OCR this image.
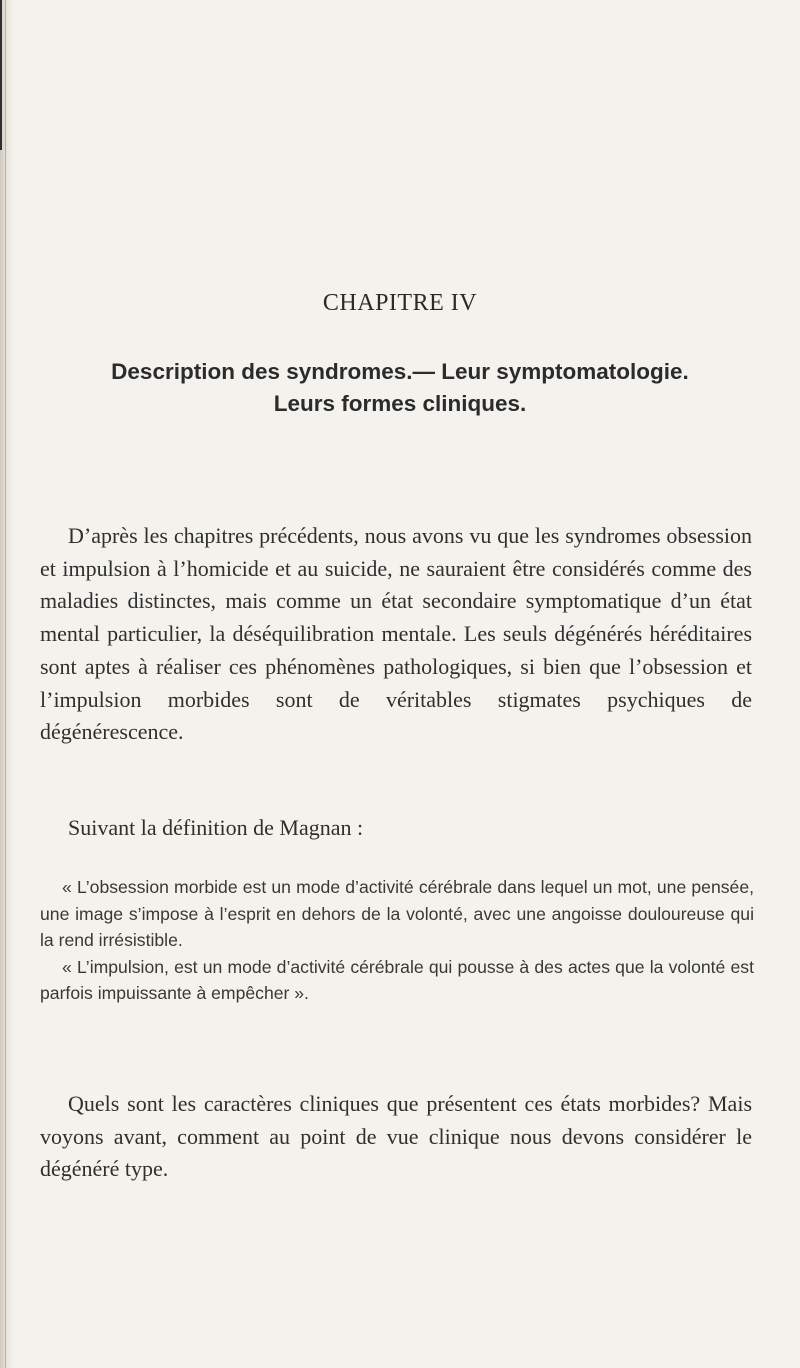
CHAPITRE IV
Description des syndromes.— Leur symptomatologie.
Leurs formes cliniques.

D’après les chapitres précédents, nous avons vu que les syndromes obsession et impulsion à l’homicide et au suicide, ne sauraient être considérés comme des maladies distinctes, mais comme un état secondaire symptomatique d’un état mental particulier, la déséquilibration mentale. Les seuls dégénérés héréditaires sont aptes à réaliser ces phénomènes pathologiques, si bien que l’obsession et l’impulsion morbides sont de véritables stigmates psychiques de dégénérescence.

Suivant la définition de Magnan :

« L’obsession morbide est un mode d’activité cérébrale dans lequel un mot, une pensée, une image s’impose à l’esprit en dehors de la volonté, avec une angoisse douloureuse qui la rend irrésistible.

« L’impulsion, est un mode d’activité cérébrale qui pousse à des actes que la volonté est parfois impuissante à empêcher ».

Quels sont les caractères cliniques que présentent ces états morbides? Mais voyons avant, comment au point de vue clinique nous devons considérer le dégénéré type.
